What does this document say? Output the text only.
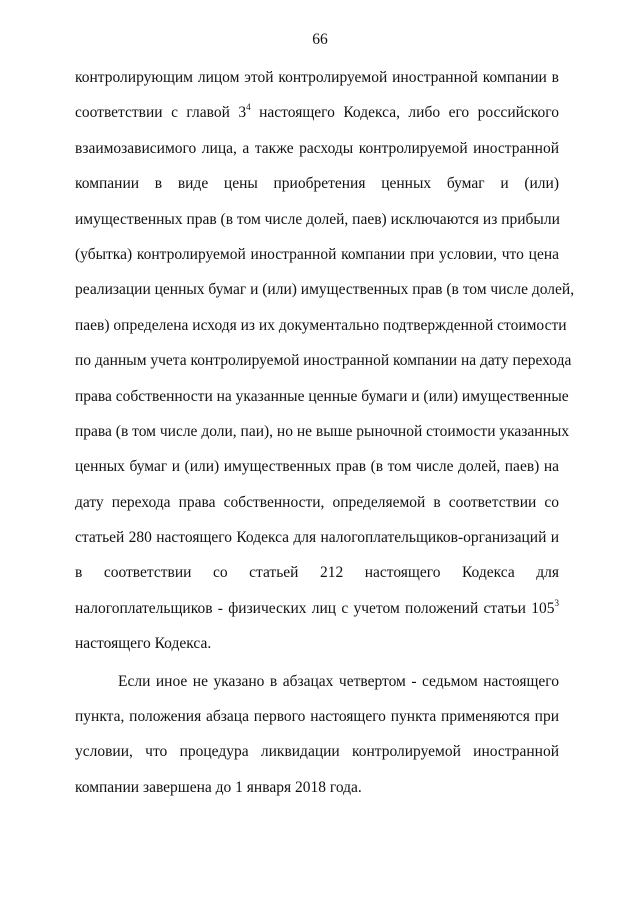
66
контролирующим лицом этой контролируемой иностранной компании в
соответствии с главой $3^4$ настоящего Кодекса, либо его российского
взаимозависимого лица, а также расходы контролируемой иностранной
компании в виде цены приобретения ценных бумаг и (или)
имущественных прав (в том числе долей, паев) исключаются из прибыли
(убытка) контролируемой иностранной компании при условии, что цена
реализации ценных бумаг и (или) имущественных прав (в том числе долей,
паев) определена исходя из их документально подтвержденной стоимости
по данным учета контролируемой иностранной компании на дату перехода
права собственности на указанные ценные бумаги и (или) имущественные
права (в том числе доли, паи), но не выше рыночной стоимости указанных
ценных бумаг и (или) имущественных прав (в том числе долей, паев) на
дату перехода права собственности, определяемой в соответствии со
статьей 280 настоящего Кодекса для налогоплательщиков-организаций и
в соответствии со статьей 212 настоящего Кодекса для
налогоплательщиков - физических лиц с учетом положений статьи $105^3$
настоящего Кодекса.
Если иное не указано в абзацах четвертом - седьмом настоящего
пункта, положения абзаца первого настоящего пункта применяются при
условии, что процедура ликвидации контролируемой иностранной
компании завершена до 1 января 2018 года.
